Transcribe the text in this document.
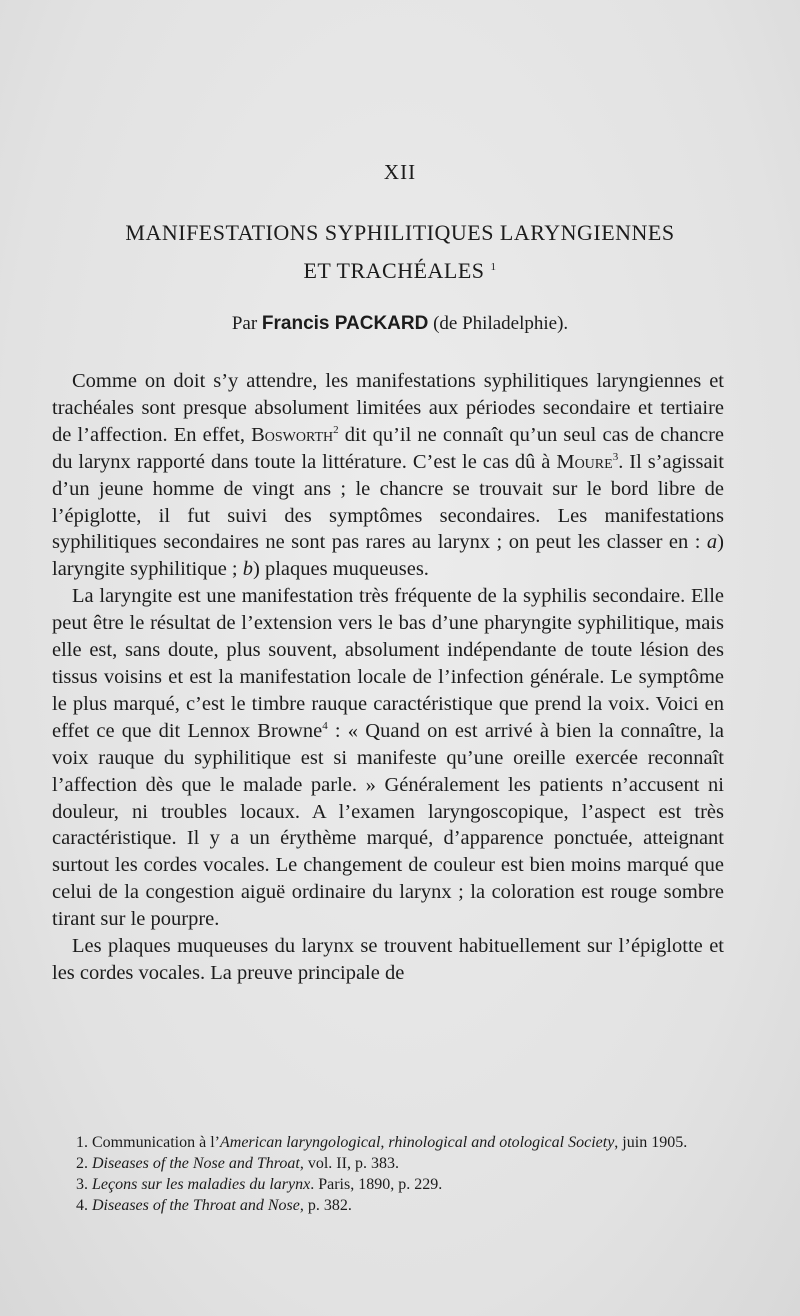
XII
MANIFESTATIONS SYPHILITIQUES LARYNGIENNES
ET TRACHÉALES $^1$
Par Francis PACKARD (de Philadelphie).

Comme on doit s’y attendre, les manifestations syphilitiques laryngiennes et trachéales sont presque absolument limitées aux périodes secondaire et tertiaire de l’affection. En effet, Bosworth$^2$ dit qu’il ne connaît qu’un seul cas de chancre du larynx rapporté dans toute la littérature. C’est le cas dû à Moure$^3$. Il s’agissait d’un jeune homme de vingt ans ; le chancre se trouvait sur le bord libre de l’épiglotte, il fut suivi des symptômes secondaires. Les manifestations syphilitiques secondaires ne sont pas rares au larynx ; on peut les classer en : a) laryngite syphilitique ; b) plaques muqueuses.

La laryngite est une manifestation très fréquente de la syphilis secondaire. Elle peut être le résultat de l’extension vers le bas d’une pharyngite syphilitique, mais elle est, sans doute, plus souvent, absolument indépendante de toute lésion des tissus voisins et est la manifestation locale de l’infection générale. Le symptôme le plus marqué, c’est le timbre rauque caractéristique que prend la voix. Voici en effet ce que dit Lennox Browne$^4$ : « Quand on est arrivé à bien la connaître, la voix rauque du syphilitique est si manifeste qu’une oreille exercée reconnaît l’affection dès que le malade parle. » Généralement les patients n’accusent ni douleur, ni troubles locaux. A l’examen laryngoscopique, l’aspect est très caractéristique. Il y a un érythème marqué, d’apparence ponctuée, atteignant surtout les cordes vocales. Le changement de couleur est bien moins marqué que celui de la congestion aiguë ordinaire du larynx ; la coloration est rouge sombre tirant sur le pourpre.

Les plaques muqueuses du larynx se trouvent habituellement sur l’épiglotte et les cordes vocales. La preuve principale de

1. Communication à l’American laryngological, rhinological and otological Society, juin 1905.

2. Diseases of the Nose and Throat, vol. II, p. 383.

3. Leçons sur les maladies du larynx. Paris, 1890, p. 229.

4. Diseases of the Throat and Nose, p. 382.
